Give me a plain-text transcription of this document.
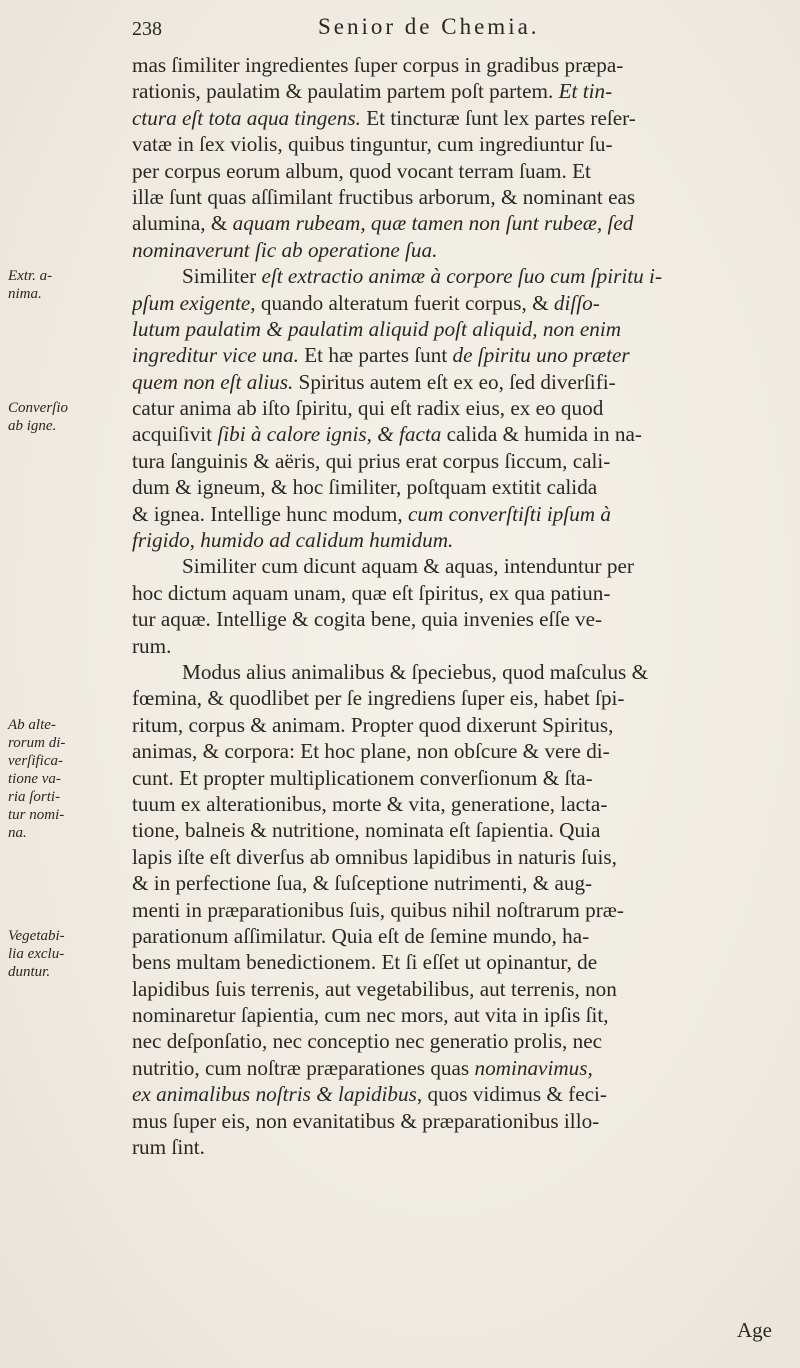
238	Senior de Chemia.
mas ſimiliter ingredientes ſuper corpus in gradibus præpa-
rationis, paulatim & paulatim partem poſt partem. Et tin-
ctura eſt tota aqua tingens. Et tincturæ ſunt lex partes reſer-
vatæ in ſex violis, quibus tinguntur, cum ingrediuntur ſu-
per corpus eorum album, quod vocant terram ſuam. Et
illæ ſunt quas aſſimilant fructibus arborum, & nominant eas
alumina, & aquam rubeam, quæ tamen non ſunt rubeæ, ſed
nominaverunt ſic ab operatione ſua.
Similiter eſt extractio animæ à corpore ſuo cum ſpiritu i-
pſum exigente, quando alteratum fuerit corpus, & diſſo-
lutum paulatim & paulatim aliquid poſt aliquid, non enim
ingreditur vice una. Et hæ partes ſunt de ſpiritu uno præter
quem non eſt alius. Spiritus autem eſt ex eo, ſed diverſifi-
catur anima ab iſto ſpiritu, qui eſt radix eius, ex eo quod
acquiſivit ſibi à calore ignis, & facta calida & humida in na-
tura ſanguinis & aëris, qui prius erat corpus ſiccum, cali-
dum & igneum, & hoc ſimiliter, poſtquam extitit calida
& ignea. Intellige hunc modum, cum converſtiſti ipſum à
frigido, humido ad calidum humidum.
Similiter cum dicunt aquam & aquas, intenduntur per
hoc dictum aquam unam, quæ eſt ſpiritus, ex qua patiun-
tur aquæ. Intellige & cogita bene, quia invenies eſſe ve-
rum.
Modus alius animalibus & ſpeciebus, quod maſculus &
fœmina, & quodlibet per ſe ingrediens ſuper eis, habet ſpi-
ritum, corpus & animam. Propter quod dixerunt Spiritus,
animas, & corpora: Et hoc plane, non obſcure & vere di-
cunt. Et propter multiplicationem converſionum & ſta-
tuum ex alterationibus, morte & vita, generatione, lacta-
tione, balneis & nutritione, nominata eſt ſapientia. Quia
lapis iſte eſt diverſus ab omnibus lapidibus in naturis ſuis,
& in perfectione ſua, & ſuſceptione nutrimenti, & aug-
menti in præparationibus ſuis, quibus nihil noſtrarum præ-
parationum aſſimilatur. Quia eſt de ſemine mundo, ha-
bens multam benedictionem. Et ſi eſſet ut opinantur, de
lapidibus ſuis terrenis, aut vegetabilibus, aut terrenis, non
nominaretur ſapientia, cum nec mors, aut vita in ipſis ſit,
nec deſponſatio, nec conceptio nec generatio prolis, nec
nutritio, cum noſtræ præparationes quas nominavimus,
ex animalibus noſtris & lapidibus, quos vidimus & feci-
mus ſuper eis, non evanitatibus & præparationibus illo-
rum ſint.
Extr. a-
nima.
Converſio
ab igne.
Ab alte-
rorum di-
verſifica-
tione va-
ria ſorti-
tur nomi-
na.
Vegetabi-
lia exclu-
duntur.
Age
